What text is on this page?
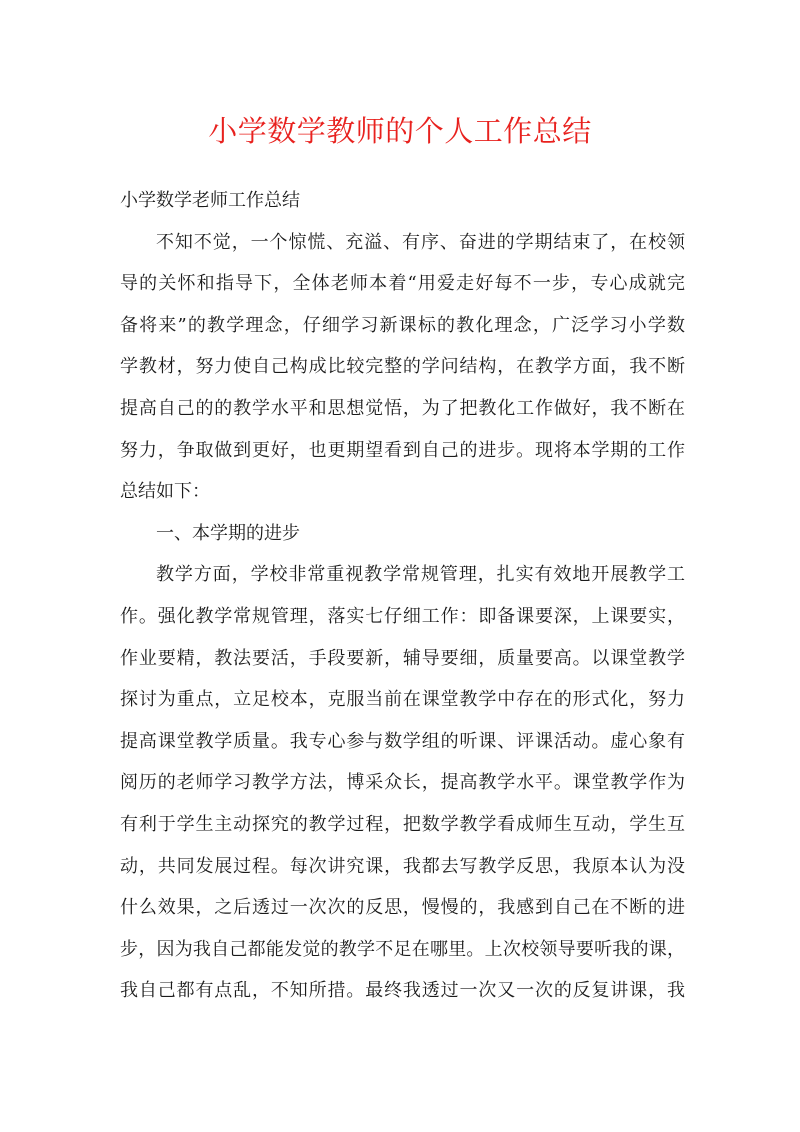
小学数学教师的个人工作总结
小学数学老师工作总结
不知不觉，一个惊慌、充溢、有序、奋进的学期结束了，在校领
导的关怀和指导下，全体老师本着“用爱走好每不一步，专心成就完
备将来”的教学理念，仔细学习新课标的教化理念，广泛学习小学数
学教材，努力使自己构成比较完整的学问结构，在教学方面，我不断
提高自己的的教学水平和思想觉悟，为了把教化工作做好，我不断在
努力，争取做到更好，也更期望看到自己的进步。现将本学期的工作
总结如下：
一、本学期的进步
教学方面，学校非常重视教学常规管理，扎实有效地开展教学工
作。强化教学常规管理，落实七仔细工作：即备课要深，上课要实，
作业要精，教法要活，手段要新，辅导要细，质量要高。以课堂教学
探讨为重点，立足校本，克服当前在课堂教学中存在的形式化，努力
提高课堂教学质量。我专心参与数学组的听课、评课活动。虚心象有
阅历的老师学习教学方法，博采众长，提高教学水平。课堂教学作为
有利于学生主动探究的教学过程，把数学教学看成师生互动，学生互
动，共同发展过程。每次讲究课，我都去写教学反思，我原本认为没
什么效果，之后透过一次次的反思，慢慢的，我感到自己在不断的进
步，因为我自己都能发觉的教学不足在哪里。上次校领导要听我的课，
我自己都有点乱，不知所措。最终我透过一次又一次的反复讲课，我
